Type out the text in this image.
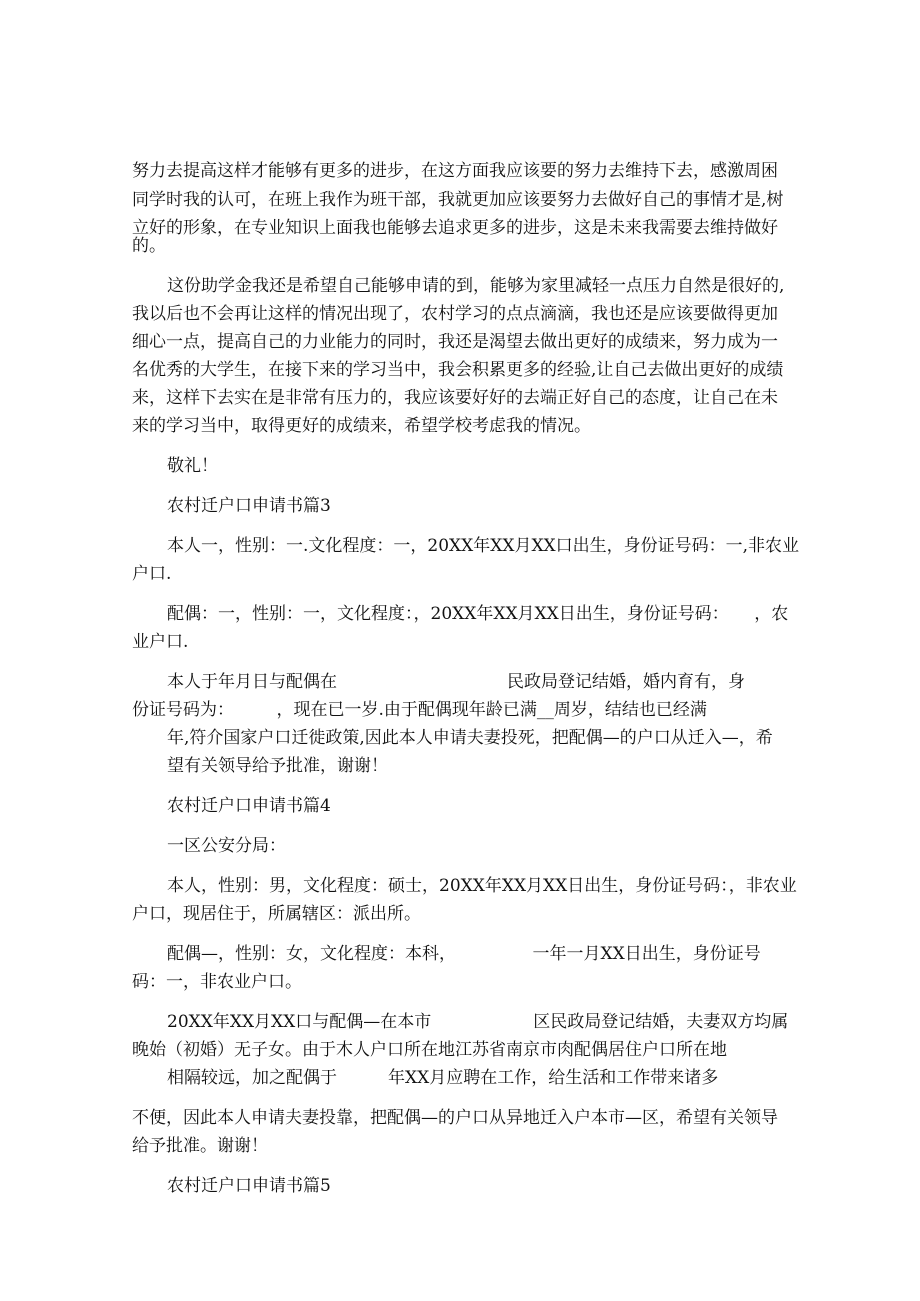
努力去提高这样才能够有更多的进步，在这方面我应该要的努力去维持下去，感激周困

同学时我的认可，在班上我作为班干部，我就更加应该要努力去做好自己的事情才是,树

立好的形象，在专业知识上面我也能够去追求更多的进步，这是未来我需要去维持做好

的。

这份助学金我还是希望自己能够申请的到，能够为家里减轻一点压力自然是很好的,

我以后也不会再让这样的情况出现了，农村学习的点点滴滴，我也还是应该要做得更加

细心一点，提高自己的力业能力的同时，我还是渴望去做出更好的成绩来，努力成为一

名优秀的大学生，在接下来的学习当中，我会积累更多的经验,让自己去做出更好的成绩

来，这样下去实在是非常有压力的，我应该要好好的去端正好自己的态度，让自己在未

来的学习当中，取得更好的成绩来，希望学校考虑我的情况。

敬礼！

农村迁户口申请书篇3

本人一，性别：一.文化程度：一，20XX年XX月XX口出生，身份证号码：一,非农业

户口.

配偶：一，性别：一，文化程度：，20XX年XX月XX日出生，身份证号码：　　，农

业户口.

本人于年月日与配偶在　　　　　　　　　　民政局登记结婚，婚内育有，身

份证号码为：　　　，现在已一岁.由于配偶现年龄已满__周岁，结结也已经满

年,符介国家户口迁徙政策,因此本人申请夫妻投死，把配偶—的户口从迁入—，希

望有关领导给予批准，谢谢！

农村迁户口申请书篇4

一区公安分局：

本人，性别：男，文化程度：硕士，20XX年XX月XX日出生，身份证号码：，非农业

户口，现居住于，所属辖区：派出所。

配偶—，性别：女，文化程度：本科，　　　　　一年一月XX日出生，身份证号

码：一，非农业户口。

20XX年XX月XX口与配偶—在本市　　　　　　区民政局登记结婚，夫妻双方均属

晚始（初婚）无子女。由于木人户口所在地江苏省南京市肉配偶居住户口所在地

相隔较远，加之配偶于　　　年XX月应聘在工作，给生活和工作带来诸多

不便，因此本人申请夫妻投靠，把配偶—的户口从异地迁入户本市—区，希望有关领导

给予批准。谢谢！

农村迁户口申请书篇5
